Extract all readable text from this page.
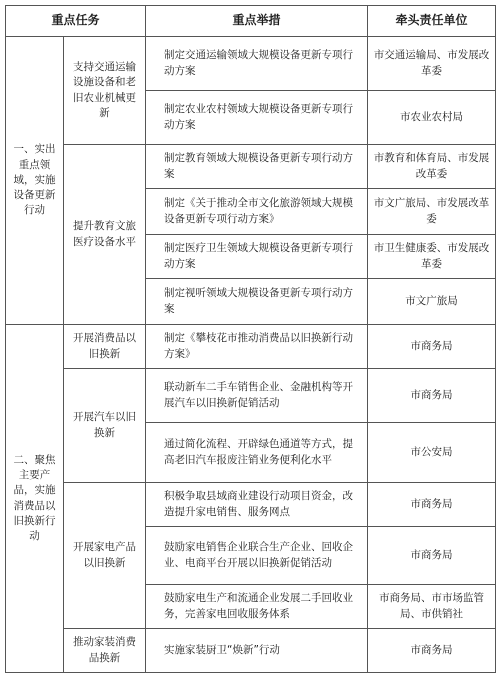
重点任务		重点举措	牵头责任单位
一、实出重点领域，实施设备更新行动	支持交通运输设施设备和老旧农业机械更新	制定交通运输领域大规模设备更新专项行动方案	市交通运输局、市发展改革委
		制定农业农村领域大规模设备更新专项行动方案	市农业农村局
	提升教育文旅医疗设备水平	制定教育领域大规模设备更新专项行动方案	市教育和体育局、市发展改革委
		制定《关于推动全市文化旅游领域大规模设备更新专项行动方案》	市文广旅局、市发展改革委
		制定医疗卫生领域大规模设备更新专项行动方案	市卫生健康委、市发展改革委
		制定视听领域大规模设备更新专项行动方案	市文广旅局
二、聚焦主要产品，实施消费品以旧换新行动	开展消费品以旧换新	制定《攀枝花市推动消费品以旧换新行动方案》	市商务局
	开展汽车以旧换新	联动新车二手车销售企业、金融机构等开展汽车以旧换新促销活动	市商务局
		通过简化流程、开辟绿色通道等方式，提高老旧汽车报废注销业务便利化水平	市公安局
	开展家电产品以旧换新	积极争取县域商业建设行动项目资金，改造提升家电销售、服务网点	市商务局
		鼓励家电销售企业联合生产企业、回收企业、电商平台开展以旧换新促销活动	市商务局
		鼓励家电生产和流通企业发展二手回收业务，完善家电回收服务体系	市商务局、市市场监管局、市供销社
	推动家装消费品换新	实施家装厨卫“焕新”行动	市商务局
